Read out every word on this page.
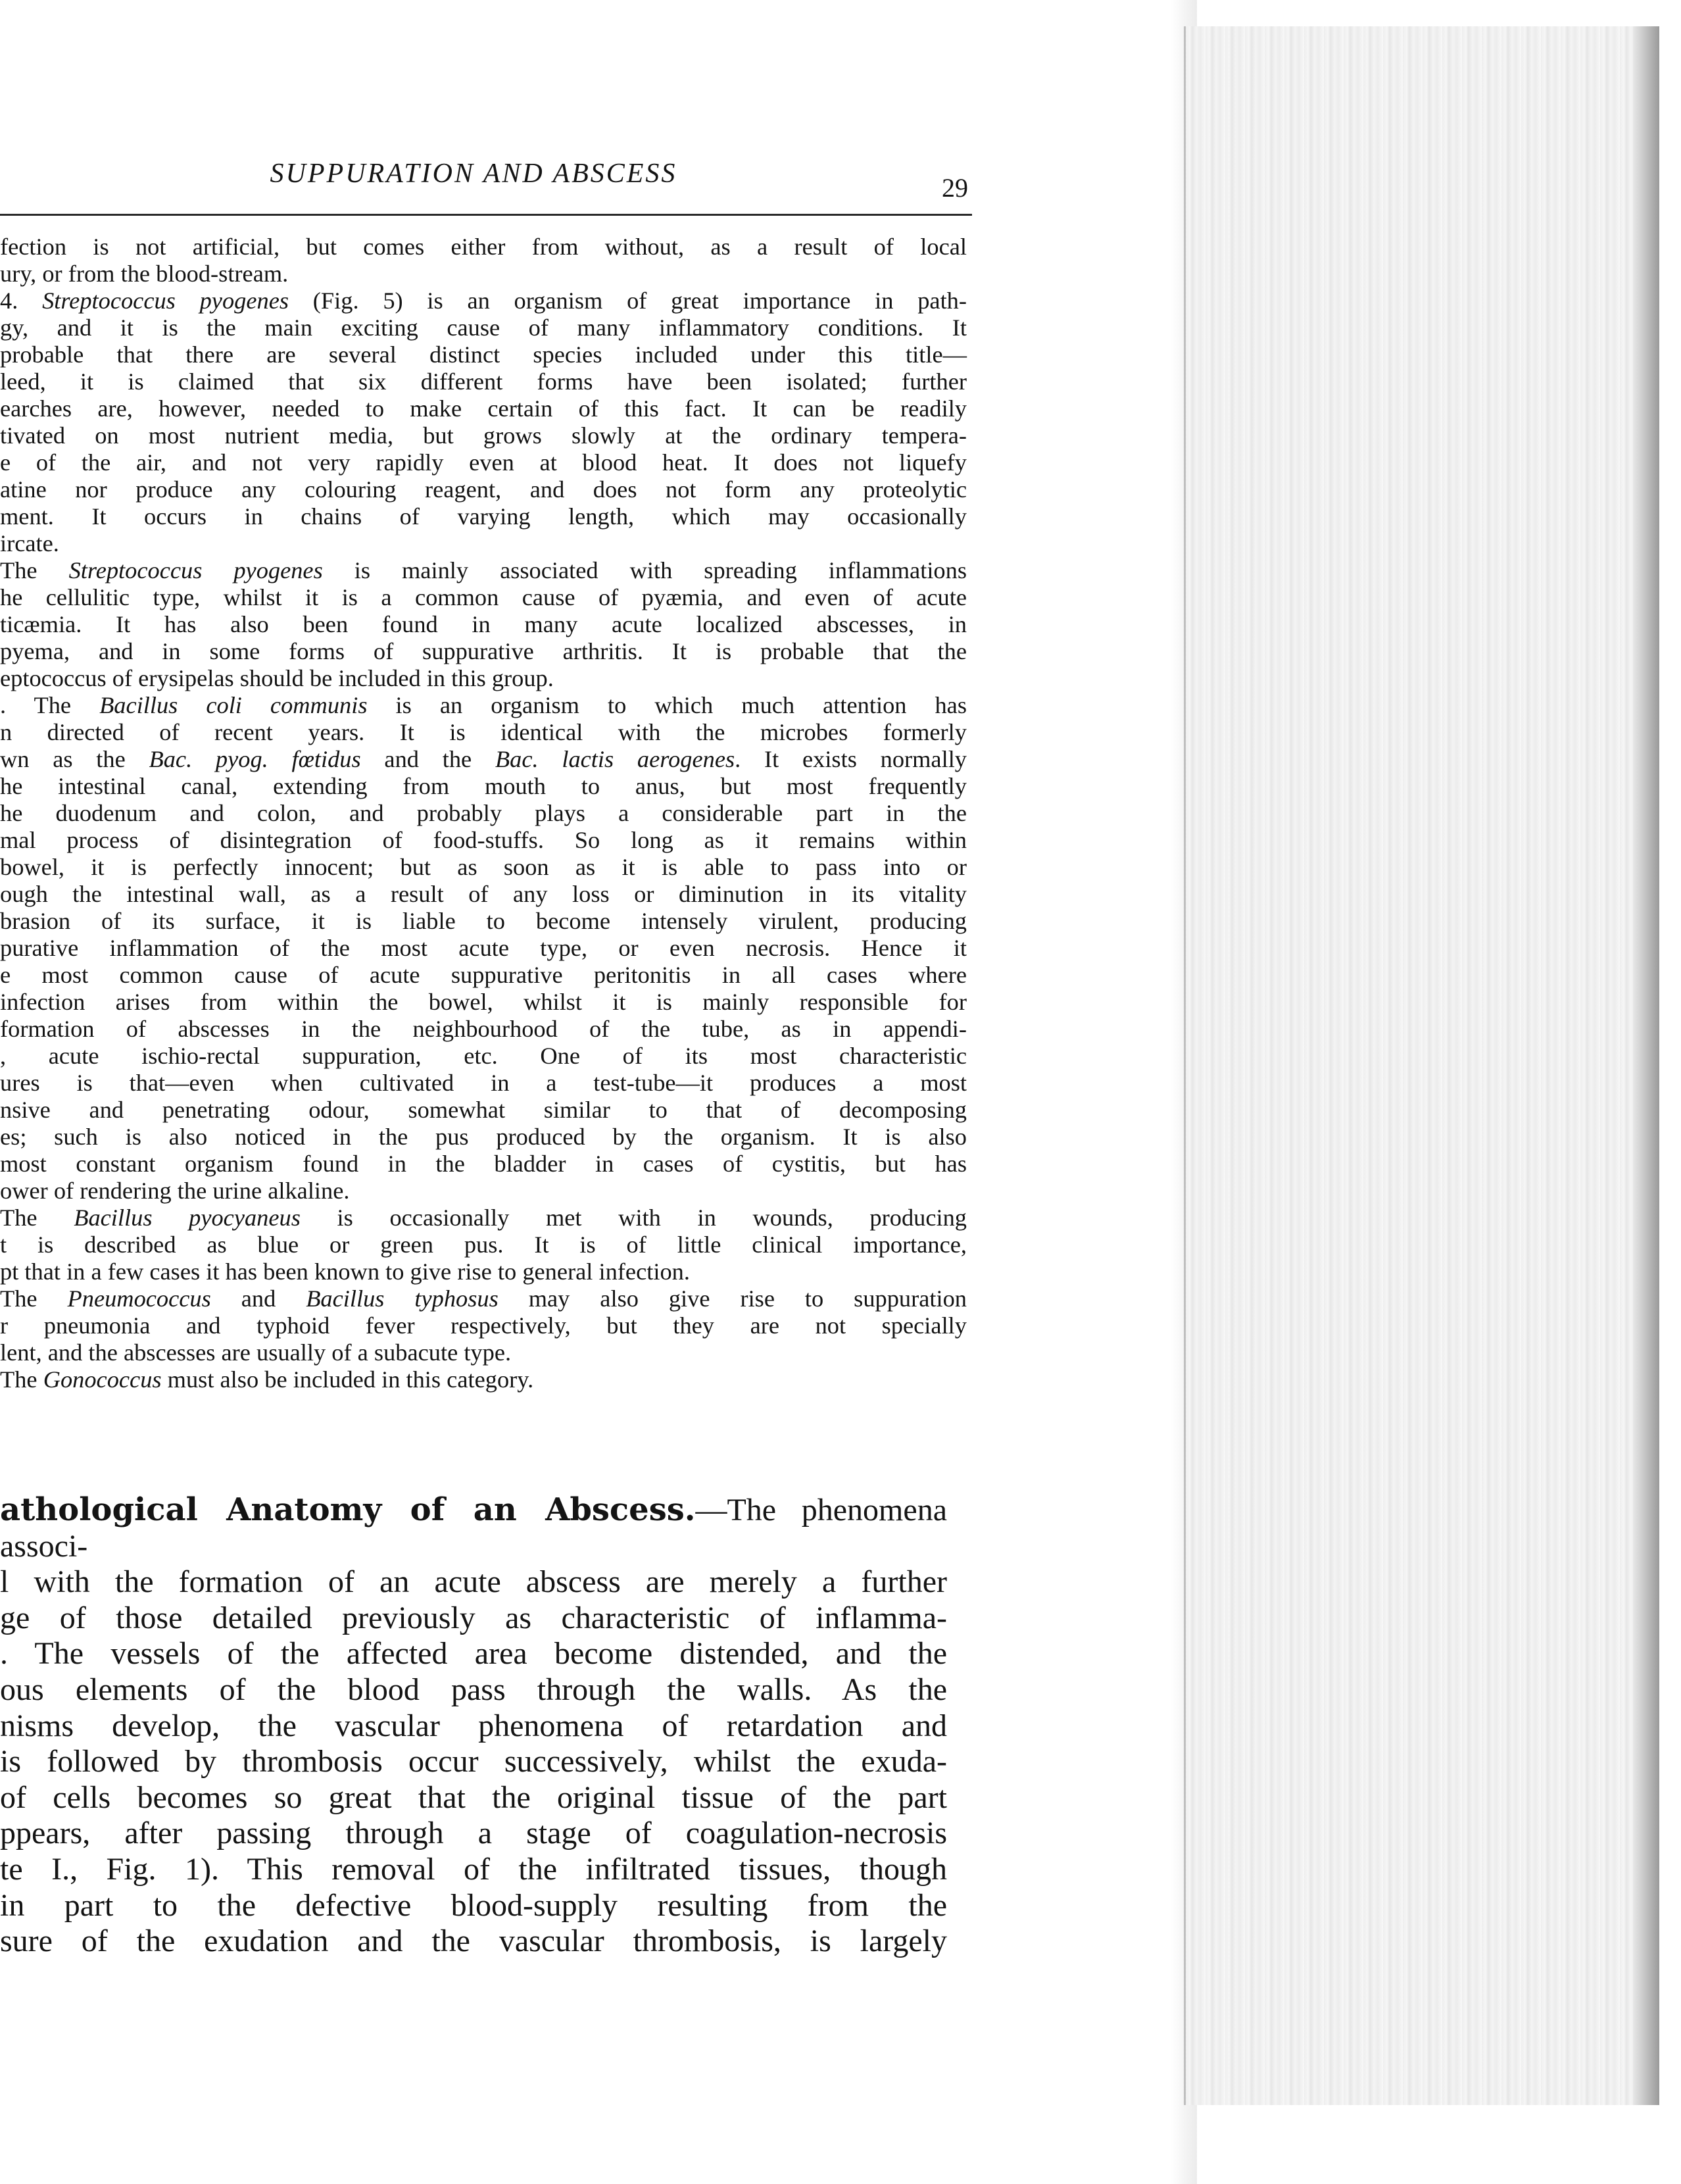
SUPPURATION AND ABSCESS	29
fection is not artificial, but comes either from without, as a result of local
ury, or from the blood-stream.
4. Streptococcus pyogenes (Fig. 5) is an organism of great importance in path-
gy, and it is the main exciting cause of many inflammatory conditions. It
probable that there are several distinct species included under this title—
leed, it is claimed that six different forms have been isolated; further
earches are, however, needed to make certain of this fact. It can be readily
tivated on most nutrient media, but grows slowly at the ordinary tempera-
e of the air, and not very rapidly even at blood heat. It does not liquefy
atine nor produce any colouring reagent, and does not form any proteolytic
ment. It occurs in chains of varying length, which may occasionally
ircate.
The Streptococcus pyogenes is mainly associated with spreading inflammations
he cellulitic type, whilst it is a common cause of pyæmia, and even of acute
ticæmia. It has also been found in many acute localized abscesses, in
pyema, and in some forms of suppurative arthritis. It is probable that the
eptococcus of erysipelas should be included in this group.
. The Bacillus coli communis is an organism to which much attention has
n directed of recent years. It is identical with the microbes formerly
wn as the Bac. pyog. fœtidus and the Bac. lactis aerogenes. It exists normally
he intestinal canal, extending from mouth to anus, but most frequently
he duodenum and colon, and probably plays a considerable part in the
mal process of disintegration of food-stuffs. So long as it remains within
bowel, it is perfectly innocent; but as soon as it is able to pass into or
ough the intestinal wall, as a result of any loss or diminution in its vitality
brasion of its surface, it is liable to become intensely virulent, producing
purative inflammation of the most acute type, or even necrosis. Hence it
e most common cause of acute suppurative peritonitis in all cases where
infection arises from within the bowel, whilst it is mainly responsible for
formation of abscesses in the neighbourhood of the tube, as in appendi-
, acute ischio-rectal suppuration, etc. One of its most characteristic
ures is that—even when cultivated in a test-tube—it produces a most
nsive and penetrating odour, somewhat similar to that of decomposing
es; such is also noticed in the pus produced by the organism. It is also
most constant organism found in the bladder in cases of cystitis, but has
ower of rendering the urine alkaline.
The Bacillus pyocyaneus is occasionally met with in wounds, producing
t is described as blue or green pus. It is of little clinical importance,
pt that in a few cases it has been known to give rise to general infection.
The Pneumococcus and Bacillus typhosus may also give rise to suppuration
r pneumonia and typhoid fever respectively, but they are not specially
lent, and the abscesses are usually of a subacute type.
The Gonococcus must also be included in this category.
athological Anatomy of an Abscess.—The phenomena associ-
l with the formation of an acute abscess are merely a further
ge of those detailed previously as characteristic of inflamma-
. The vessels of the affected area become distended, and the
ous elements of the blood pass through the walls. As the
nisms develop, the vascular phenomena of retardation and
is followed by thrombosis occur successively, whilst the exuda-
of cells becomes so great that the original tissue of the part
ppears, after passing through a stage of coagulation-necrosis
te I., Fig. 1). This removal of the infiltrated tissues, though
in part to the defective blood-supply resulting from the
sure of the exudation and the vascular thrombosis, is largely
